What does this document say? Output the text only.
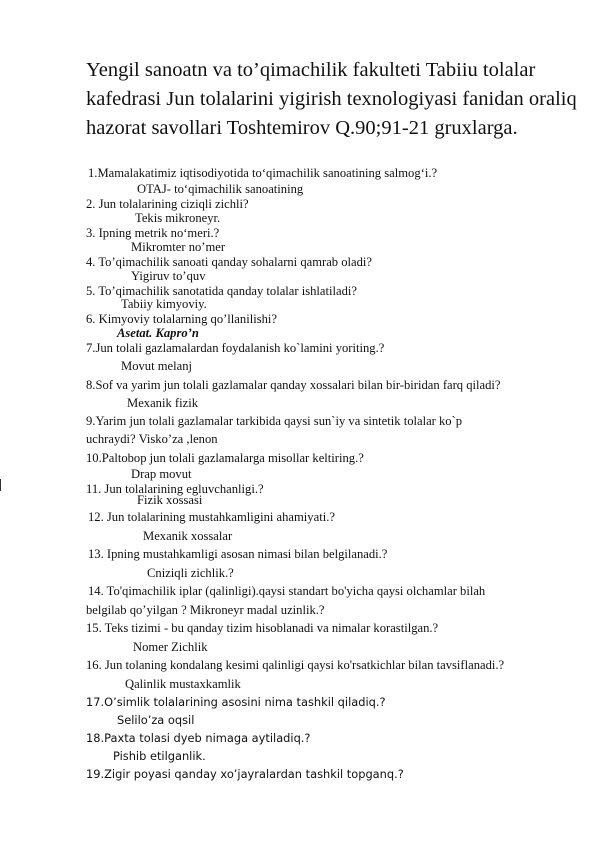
Yengil sanoatn va to’qimachilik fakulteti Tabiiu tolalar
kafedrasi Jun tolalarini yigirish texnologiyasi fanidan oraliq
hazorat savollari Toshtemirov Q.90;91-21 gruxlarga.
1.Mamalakatimiz iqtisodiyotida to‘qimachilik sanoatining salmog‘i.?
OTAJ- to‘qimachilik sanoatining
2. Jun tolalarining ciziqli zichli?
Tekis mikroneyr.
3. Ipning metrik no‘meri.?
Mikromter no’mer
4. To’qimachilik sanoati qanday sohalarni qamrab oladi?
Yigiruv to’quv
5. To’qimachilik sanotatida qanday tolalar ishlatiladi?
Tabiiy kimyoviy.
6. Kimyoviy tolalarning qo’llanilishi?
Asetat. Kapro’n
7.Jun tolali gazlamalardan foydalanish ko`lamini yoriting.?
Movut melanj
8.Sof va yarim jun tolali gazlamalar qanday xossalari bilan bir-biridan farq qiladi?
Mexanik fizik
9.Yarim jun tolali gazlamalar tarkibida qaysi sun`iy va sintetik tolalar ko`p
uchraydi? Visko’za ,lenon
10.Paltobop jun tolali gazlamalarga misollar keltiring.?
Drap movut
11. Jun tolalarining egluvchanligi.?
Fizik xossasi
12. Jun tolalarining mustahkamligini ahamiyati.?
Mexanik xossalar
13. Ipning mustahkamligi asosan nimasi bilan belgilanadi.?
Cniziqli zichlik.?
14. To'qimachilik iplar (qalinligi).qaysi standart bo'yicha qaysi olchamlar bilah
belgilab qo’yilgan ? Mikroneyr madal uzinlik.?
15. Teks tizimi - bu qanday tizim hisoblanadi va nimalar korastilgan.?
Nomer Zichlik
16. Jun tolaning kondalang kesimi qalinligi qaysi ko'rsatkichlar bilan tavsiflanadi.?
Qalinlik mustaxkamlik
17.O’simlik tolalarining asosini nima tashkil qiladiq.?
Selilo’za oqsil
18.Paxta tolasi dyeb nimaga aytiladiq.?
Pishib etilganlik.
19.Zigir poyasi qanday xo’jayralardan tashkil topganq.?
